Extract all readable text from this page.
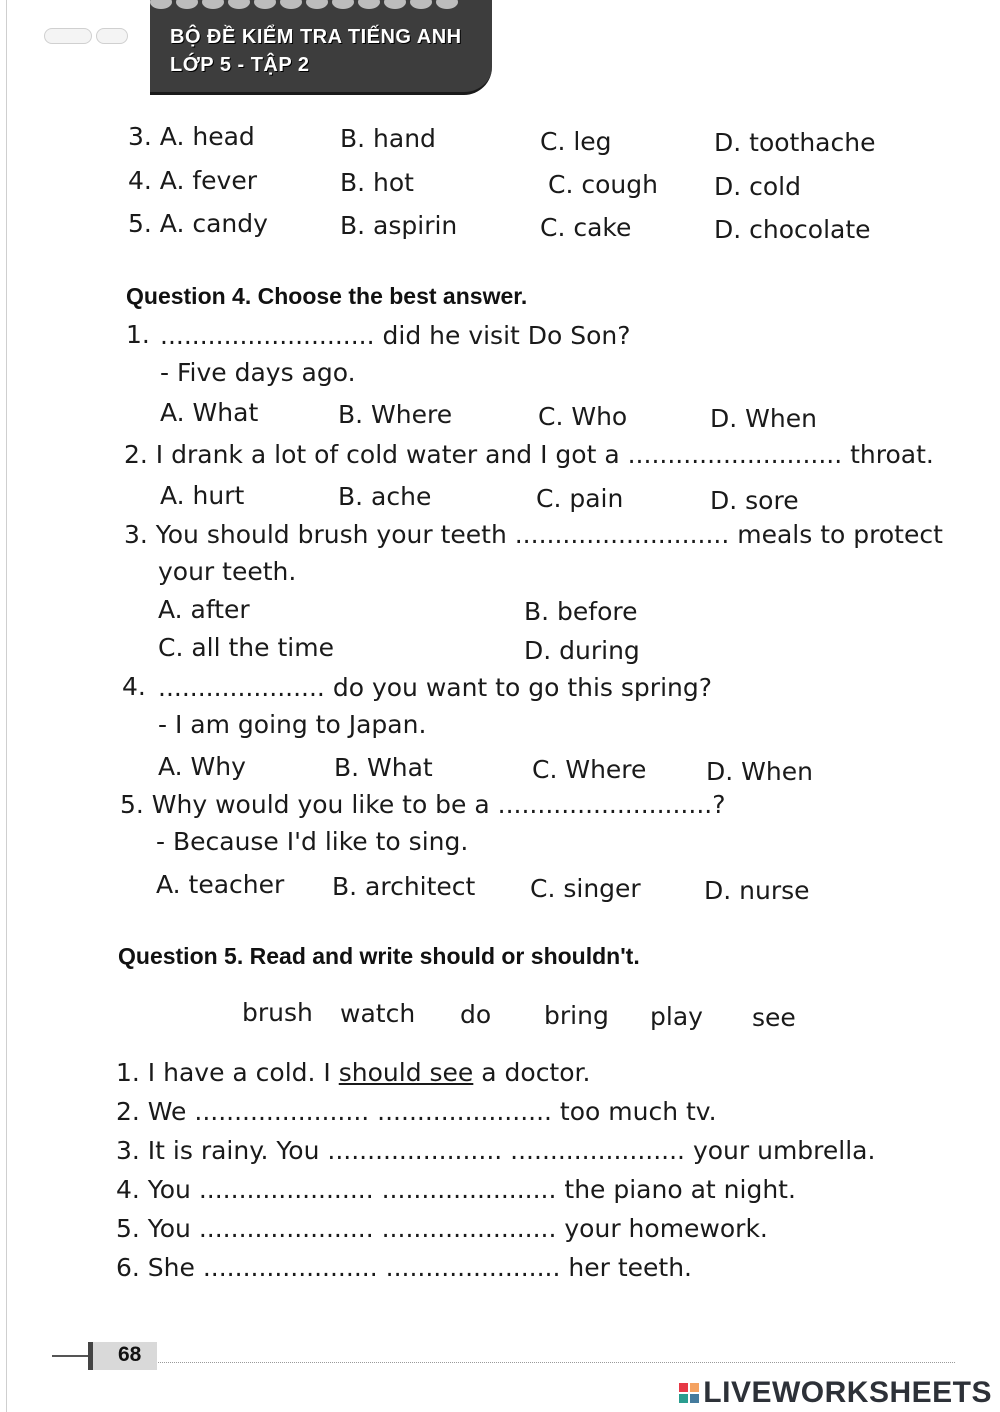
BỘ ĐỀ KIỂM TRA TIẾNG ANH
LỚP 5 - TẬP 2
3. A. head	B. hand	C. leg	D. toothache
4. A. fever	B. hot	C. cough D. cold
5. A. candy	B. aspirin	C. cake	D. chocolate
Question 4. Choose the best answer.
1. ........................... did he visit Do Son?
- Five days ago.
A. What	B. Where	C. Who	D. When
2. I drank a lot of cold water and I got a ........................... throat.
A. hurt	B. ache	C. pain	D. sore
3. You should brush your teeth ........................... meals to protect
your teeth.
A. after	B. before
C. all the time	D. during
4. ..................... do you want to go this spring?
- I am going to Japan.
A. Why	B. What	C. Where D. When
5. Why would you like to be a ...........................?
- Because I'd like to sing.
A. teacher B. architect C. singer	D. nurse
Question 5. Read and write should or shouldn't.
brush watch do bring play see
1. I have a cold. I should see a doctor.
2. We ...................... ...................... too much tv.
3. It is rainy. You ...................... ...................... your umbrella.
4. You ...................... ...................... the piano at night.
5. You ...................... ...................... your homework.
6. She ...................... ...................... her teeth.
68
LIVEWORKSHEETS
